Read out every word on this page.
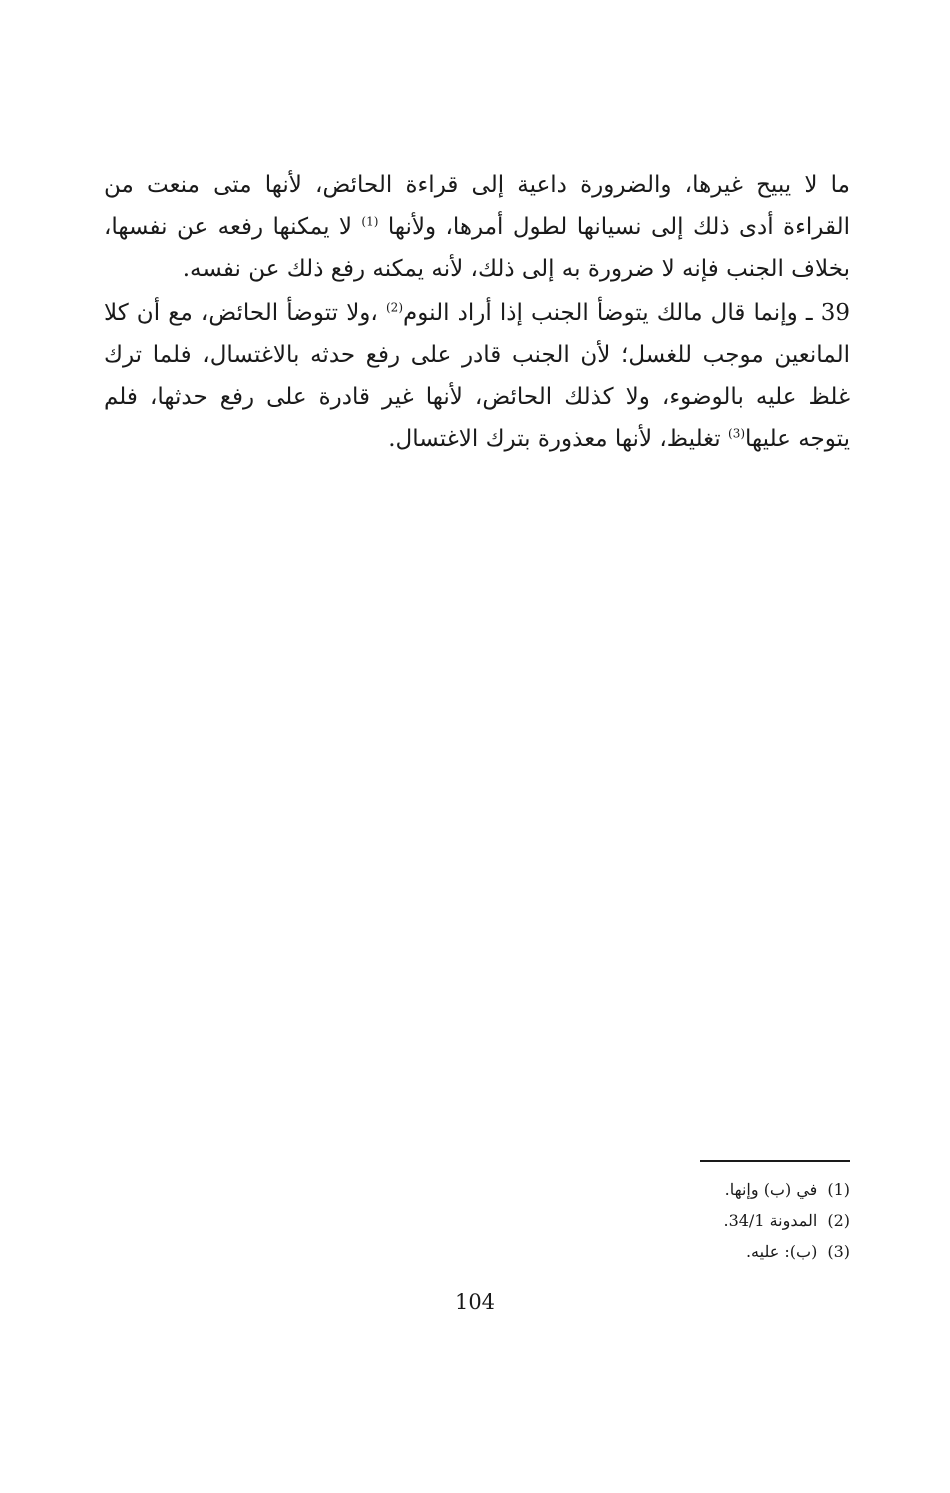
ما لا يبيح غيرها، والضرورة داعية إلى قراءة الحائض، لأنها متى منعت من القراءة أدى ذلك إلى نسيانها لطول أمرها، ولأنها $^{(1)}$ لا يمكنها رفعه عن نفسها، بخلاف الجنب فإنه لا ضرورة به إلى ذلك، لأنه يمكنه رفع ذلك عن نفسه.

39 ـ وإنما قال مالك يتوضأ الجنب إذا أراد النوم$^{(2)}$ ،ولا تتوضأ الحائض، مع أن كلا المانعين موجب للغسل؛ لأن الجنب قادر على رفع حدثه بالاغتسال، فلما ترك غلظ عليه بالوضوء، ولا كذلك الحائض، لأنها غير قادرة على رفع حدثها، فلم يتوجه عليها$^{(3)}$ تغليظ، لأنها معذورة بترك الاغتسال.

(1)في (ب) وإنها.
(2)المدونة 34/1.
(3)(ب): عليه.
104
